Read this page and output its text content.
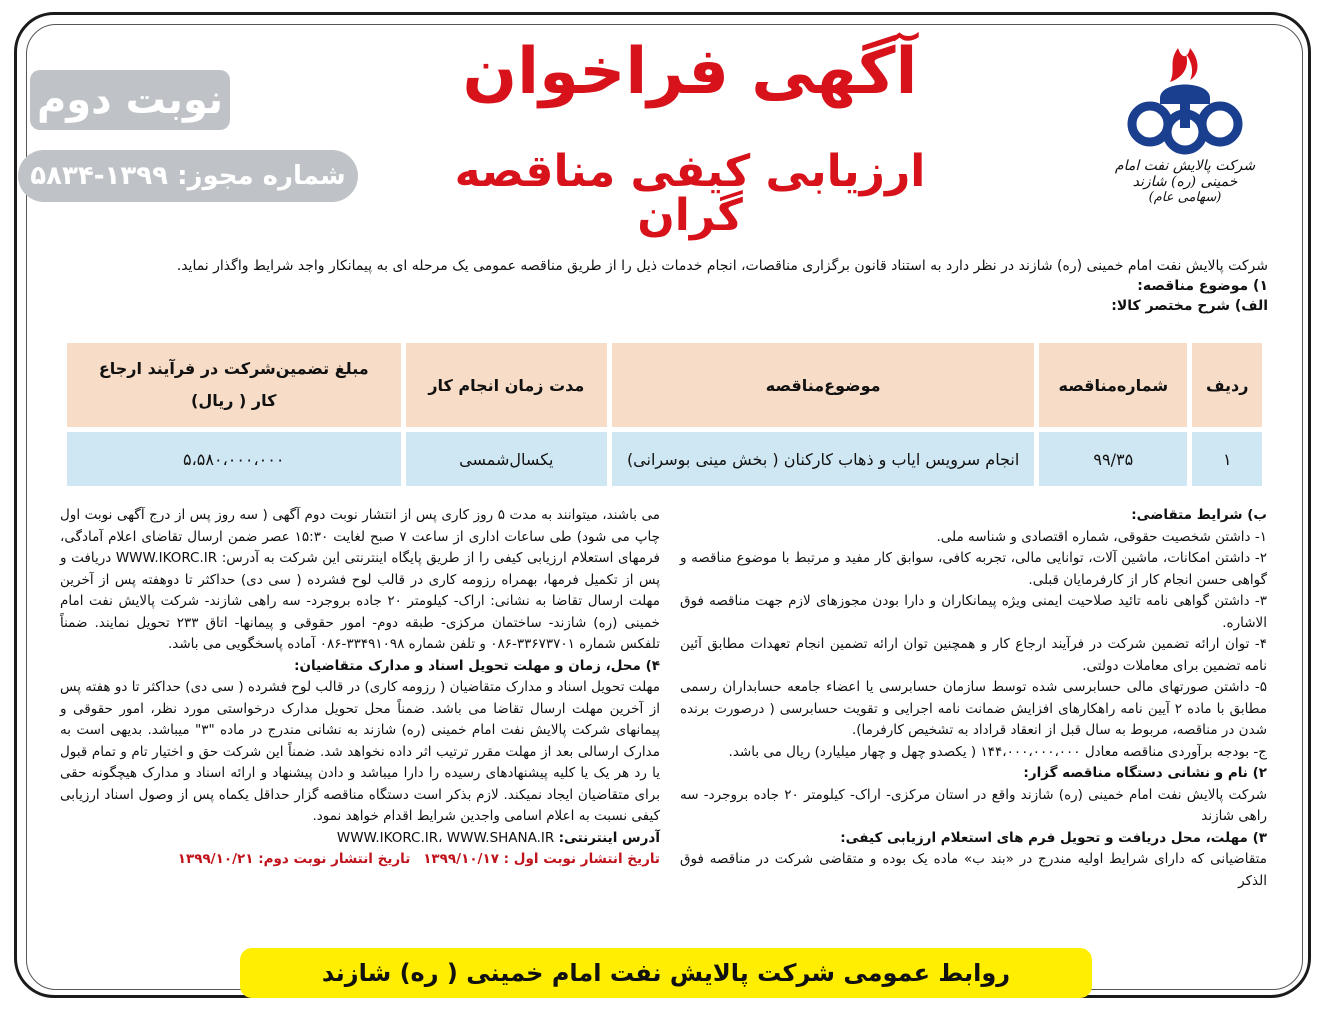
شرکت پالایش نفت امام خمینی (ره) شازند
(سهامی عام)
آگهی فراخوان
ارزیابی کیفی مناقصه گران
نوبت دوم
شماره مجوز: ۱۳۹۹-۵۸۳۴
شرکت پالایش نفت امام خمینی (ره) شازند در نظر دارد به استناد قانون برگزاری مناقصات، انجام خدمات ذیل را از طریق مناقصه عمومی یک مرحله ای به پیمانکار واجد شرایط واگذار نماید.
۱) موضوع مناقصه:
الف) شرح مختصر کالا:
ردیف	شماره‌مناقصه	موضوع‌مناقصه	مدت زمان انجام کار	مبلغ تضمین‌شرکت در فرآیند ارجاع کار ( ریال)
۱	۹۹/۳۵	انجام سرویس ایاب و ذهاب کارکنان ( بخش مینی بوسرانی)	یکسال‌شمسی	۵،۵۸۰،۰۰۰،۰۰۰

ب) شرایط متقاضی:

۱- داشتن شخصیت حقوقی، شماره اقتصادی و شناسه ملی.

۲- داشتن امکانات، ماشین آلات، توانایی مالی، تجربه کافی، سوابق کار مفید و مرتبط با موضوع مناقصه و گواهی حسن انجام کار از کارفرمایان قبلی.

۳- داشتن گواهی نامه تائید صلاحیت ایمنی ویژه پیمانکاران و دارا بودن مجوزهای لازم جهت مناقصه فوق الاشاره.

۴- توان ارائه تضمین شرکت در فرآیند ارجاع کار و همچنین توان ارائه تضمین انجام تعهدات مطابق آئین نامه تضمین برای معاملات دولتی.

۵- داشتن صورتهای مالی حسابرسی شده توسط سازمان حسابرسی یا اعضاء جامعه حسابداران رسمی مطابق با ماده ۲ آیین نامه راهکارهای افزایش ضمانت نامه اجرایی و تقویت حسابرسی ( درصورت برنده شدن در مناقصه، مربوط به سال قبل از انعقاد قراداد به تشخیص کارفرما).

ج- بودجه برآوردی مناقصه معادل ۱۴۴،۰۰۰،۰۰۰،۰۰۰ ( یکصدو چهل و چهار میلیارد) ریال می باشد.

۲) نام و نشانی دستگاه مناقصه گزار:

شرکت پالایش نفت امام خمینی (ره) شازند واقع در استان مرکزی- اراک- کیلومتر ۲۰ جاده بروجرد- سه راهی شازند

۳) مهلت، محل دریافت و تحویل فرم های استعلام ارزیابی کیفی:

متقاضیانی که دارای شرایط اولیه مندرج در «بند ب» ماده یک بوده و متقاضی شرکت در مناقصه فوق الذکر

می باشند، میتوانند به مدت ۵ روز کاری پس از انتشار نوبت دوم آگهی ( سه روز پس از درج آگهی نوبت اول چاپ می شود) طی ساعات اداری از ساعت ۷ صبح لغایت ۱۵:۳۰ عصر ضمن ارسال تقاضای اعلام آمادگی، فرمهای استعلام ارزیابی کیفی را از طریق پایگاه اینترنتی این شرکت به آدرس: WWW.IKORC.IR دریافت و پس از تکمیل فرمها، بهمراه رزومه کاری در قالب لوح فشرده ( سی دی) حداکثر تا دوهفته پس از آخرین مهلت ارسال تقاضا به نشانی: اراک- کیلومتر ۲۰ جاده بروجرد- سه راهی شازند- شرکت پالایش نفت امام خمینی (ره) شازند- ساختمان مرکزی- طبقه دوم- امور حقوقی و پیمانها- اتاق ۲۳۳ تحویل نمایند. ضمناً تلفکس شماره ۳۳۶۷۳۷۰۱-۰۸۶ و تلفن شماره ۳۳۴۹۱۰۹۸-۰۸۶ آماده پاسخگویی می باشد.

۴) محل، زمان و مهلت تحویل اسناد و مدارک متقاضیان:

مهلت تحویل اسناد و مدارک متقاضیان ( رزومه کاری) در قالب لوح فشرده ( سی دی) حداکثر تا دو هفته پس از آخرین مهلت ارسال تقاضا می باشد. ضمناً محل تحویل مدارک درخواستی مورد نظر، امور حقوقی و پیمانهای شرکت پالایش نفت امام خمینی (ره) شازند به نشانی مندرج در ماده "۳" میباشد. بدیهی است به مدارک ارسالی بعد از مهلت مقرر ترتیب اثر داده نخواهد شد. ضمناً این شرکت حق و اختیار تام و تمام قبول یا رد هر یک یا کلیه پیشنهادهای رسیده را دارا میباشد و دادن پیشنهاد و ارائه اسناد و مدارک هیچگونه حقی برای متقاضیان ایجاد نمیکند. لازم بذکر است دستگاه مناقصه گزار حداقل یکماه پس از وصول اسناد ارزیابی کیفی نسبت به اعلام اسامی واجدین شرایط اقدام خواهد نمود.

آدرس اینترنتی: WWW.IKORC.IR، WWW.SHANA.IR

تاریخ انتشار نوبت اول : ۱۳۹۹/۱۰/۱۷   تاریخ انتشار نوبت دوم: ۱۳۹۹/۱۰/۲۱

روابط عمومی شرکت پالایش نفت امام خمینی ( ره) شازند
